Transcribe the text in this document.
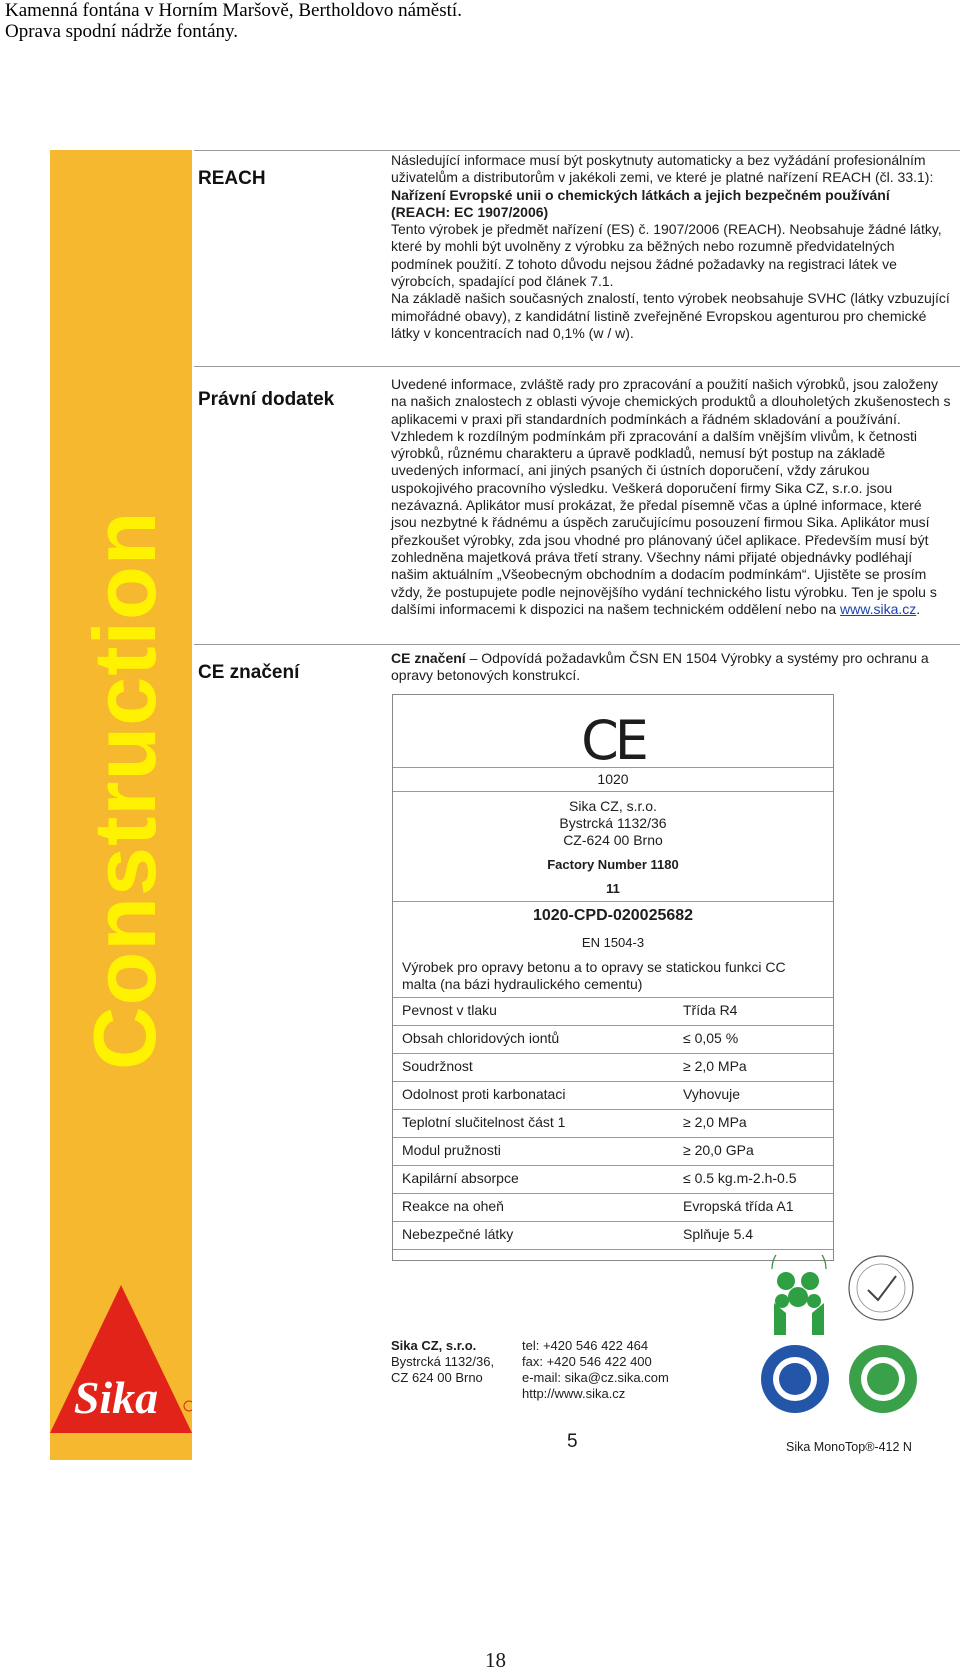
Kamenná fontána v Horním Maršově, Bertholdovo náměstí.
Oprava spodní nádrže fontány.
Construction
Sika
REACH
Následující informace musí být poskytnuty automaticky a bez vyžádání profesionálním uživatelům a distributorům v jakékoli zemi, ve které je platné nařízení REACH (čl. 33.1):
Nařízení Evropské unii o chemických látkách a jejich bezpečném používání (REACH: EC 1907/2006)
Tento výrobek je předmět nařízení (ES) č. 1907/2006 (REACH). Neobsahuje žádné látky, které by mohli být uvolněny z výrobku za běžných nebo rozumně předvidatelných podmínek použití. Z tohoto důvodu nejsou žádné požadavky na registraci látek ve výrobcích, spadající pod článek 7.1.
Na základě našich současných znalostí, tento výrobek neobsahuje SVHC (látky vzbuzující mimořádné obavy), z kandidátní listině zveřejněné Evropskou agenturou pro chemické látky v koncentracích nad 0,1% (w / w).
Právní dodatek
Uvedené informace, zvláště rady pro zpracování a použití našich výrobků, jsou založeny na našich znalostech z oblasti vývoje chemických produktů a dlouholetých zkušenostech s aplikacemi v praxi při standardních podmínkách a řádném skladování a používání. Vzhledem k rozdílným podmínkám při zpracování a dalším vnějším vlivům, k četnosti výrobků, různému charakteru a úpravě podkladů, nemusí být postup na základě uvedených informací, ani jiných psaných či ústních doporučení, vždy zárukou uspokojivého pracovního výsledku. Veškerá doporučení firmy Sika CZ, s.r.o. jsou nezávazná. Aplikátor musí prokázat, že předal písemně včas a úplné informace, které jsou nezbytné k řádnému a úspěch zaručujícímu posouzení firmou Sika. Aplikátor musí přezkoušet výrobky, zda jsou vhodné pro plánovaný účel aplikace. Především musí být zohledněna majetková práva třetí strany. Všechny námi přijaté objednávky podléhají našim aktuálním „Všeobecným obchodním a dodacím podmínkám“. Ujistěte se prosím vždy, že postupujete podle nejnovějšího vydání technického listu výrobku. Ten je spolu s dalšími informacemi k dispozici na našem technickém oddělení nebo na www.sika.cz.
CE značení
CE značení – Odpovídá požadavkům ČSN EN 1504 Výrobky a systémy pro ochranu a opravy betonových konstrukcí.
CE
1020
Sika CZ, s.r.o.
Bystrcká 1132/36
CZ-624 00 Brno
Factory Number 1180
11
1020-CPD-020025682
EN 1504-3
Výrobek pro opravy betonu a to opravy se statickou funkci CC malta (na bázi hydraulického cementu)
Pevnost v tlaku	Třída R4
Obsah chloridových iontů	≤ 0,05 %
Soudržnost	≥ 2,0 MPa
Odolnost proti karbonataci	Vyhovuje
Teplotní slučitelnost část 1	≥ 2,0 MPa
Modul pružnosti	≥ 20,0 GPa
Kapilární absorpce	≤ 0.5 kg.m-2.h-0.5
Reakce na oheň	Evropská třída A1
Nebezpečné látky	Splňuje 5.4
Sika CZ, s.r.o.
Bystrcká 1132/36,
CZ 624 00 Brno
tel: +420 546 422 464
fax: +420 546 422 400
e-mail: sika@cz.sika.com
http://www.sika.cz
5	Sika MonoTop®-412 N
18
